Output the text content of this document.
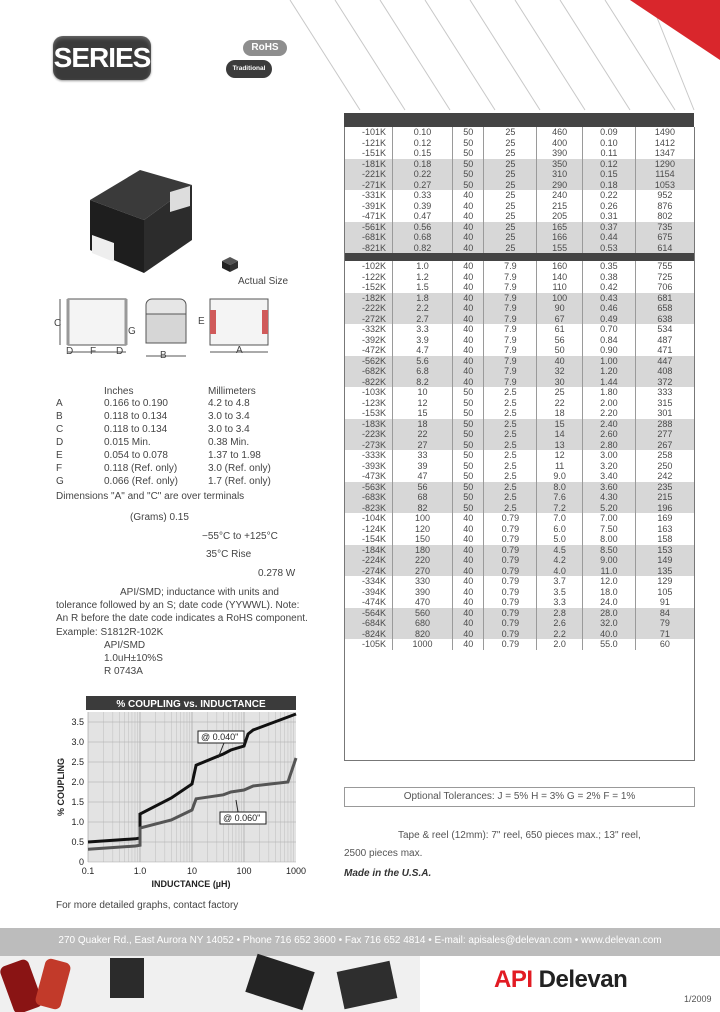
SERIES	RoHS
Traditional
Actual Size
C
G
E
D F D	B	A
Inches	Millimeters
A	0.166 to 0.190	4.2 to 4.8
B	0.118 to 0.134	3.0 to 3.4
C	0.118 to 0.134	3.0 to 3.4
D	0.015 Min.	0.38 Min.
E	0.054 to 0.078	1.37 to 1.98
F	0.118 (Ref. only)	3.0 (Ref. only)
G	0.066 (Ref. only)	1.7 (Ref. only)
Dimensions "A" and "C" are over terminals
(Grams) 0.15
−55°C to +125°C
35°C Rise
0.278 W
API/SMD; inductance with units and tolerance followed by an S; date code (YYWWL). Note: An R before the date code indicates a RoHS component.
Example: S1812R-102K
API/SMD
1.0uH±10%S
R 0743A
% COUPLING vs. INDUCTANCE
0
0.5
1.0
1.5
2.0
2.5
3.0
3.5
0.1	1.0	10	100	1000
INDUCTANCE (µH)
% COUPLING
@ 0.040"
@ 0.060"
For more detailed graphs, contact factory
-101K	0.10	50	25	460	0.09	1490
-121K	0.12	50	25	400	0.10	1412
-151K	0.15	50	25	390	0.11	1347
-181K	0.18	50	25	350	0.12	1290
-221K	0.22	50	25	310	0.15	1154
-271K	0.27	50	25	290	0.18	1053
-331K	0.33	40	25	240	0.22	952
-391K	0.39	40	25	215	0.26	876
-471K	0.47	40	25	205	0.31	802
-561K	0.56	40	25	165	0.37	735
-681K	0.68	40	25	166	0.44	675
-821K	0.82	40	25	155	0.53	614

-102K	1.0	40	7.9	160	0.35	755
-122K	1.2	40	7.9	140	0.38	725
-152K	1.5	40	7.9	110	0.42	706
-182K	1.8	40	7.9	100	0.43	681
-222K	2.2	40	7.9	90	0.46	658
-272K	2.7	40	7.9	67	0.49	638
-332K	3.3	40	7.9	61	0.70	534
-392K	3.9	40	7.9	56	0.84	487
-472K	4.7	40	7.9	50	0.90	471
-562K	5.6	40	7.9	40	1.00	447
-682K	6.8	40	7.9	32	1.20	408
-822K	8.2	40	7.9	30	1.44	372
-103K	10	50	2.5	25	1.80	333
-123K	12	50	2.5	22	2.00	315
-153K	15	50	2.5	18	2.20	301
-183K	18	50	2.5	15	2.40	288
-223K	22	50	2.5	14	2.60	277
-273K	27	50	2.5	13	2.80	267
-333K	33	50	2.5	12	3.00	258
-393K	39	50	2.5	11	3.20	250
-473K	47	50	2.5	9.0	3.40	242
-563K	56	50	2.5	8.0	3.60	235
-683K	68	50	2.5	7.6	4.30	215
-823K	82	50	2.5	7.2	5.20	196
-104K	100	40	0.79	7.0	7.00	169
-124K	120	40	0.79	6.0	7.50	163
-154K	150	40	0.79	5.0	8.00	158
-184K	180	40	0.79	4.5	8.50	153
-224K	220	40	0.79	4.2	9.00	149
-274K	270	40	0.79	4.0	11.0	135
-334K	330	40	0.79	3.7	12.0	129
-394K	390	40	0.79	3.5	18.0	105
-474K	470	40	0.79	3.3	24.0	91
-564K	560	40	0.79	2.8	28.0	84
-684K	680	40	0.79	2.6	32.0	79
-824K	820	40	0.79	2.2	40.0	71
-105K	1000	40	0.79	2.0	55.0	60
Optional Tolerances: J = 5% H = 3% G = 2% F = 1%
Tape & reel (12mm): 7" reel, 650 pieces max.; 13" reel,
2500 pieces max.
Made in the U.S.A.
270 Quaker Rd., East Aurora NY 14052 • Phone 716 652 3600 • Fax 716 652 4814 • E-mail: apisales@delevan.com • www.delevan.com
API Delevan
1/2009
